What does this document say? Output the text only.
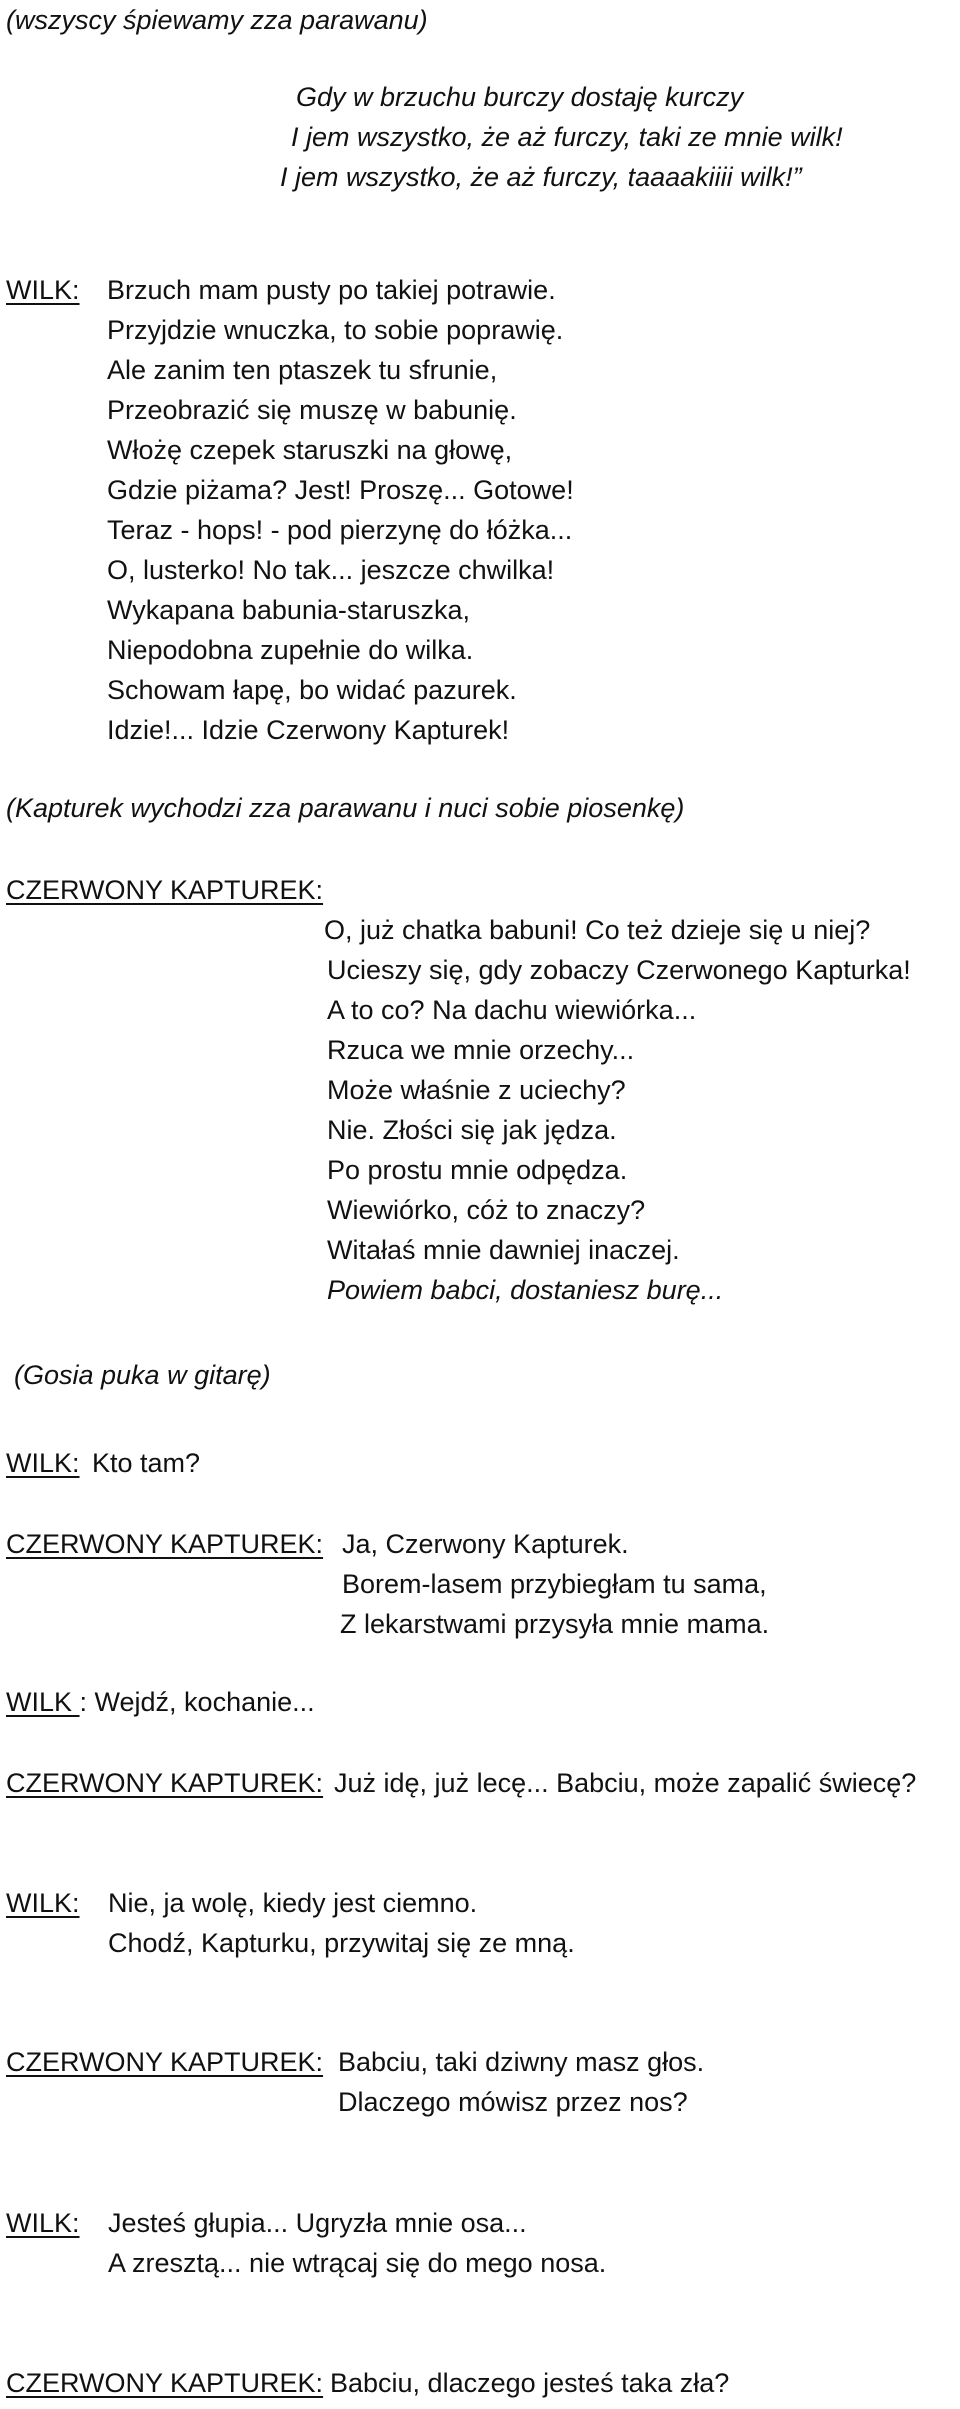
(wszyscy śpiewamy zza parawanu)
Gdy w brzuchu burczy dostaję kurczy
I jem wszystko, że aż furczy, taki ze mnie wilk!
I jem wszystko, że aż furczy, taaaakiiii wilk!”
WILK: Brzuch mam pusty po takiej potrawie.
Przyjdzie wnuczka, to sobie poprawię.
Ale zanim ten ptaszek tu sfrunie,
Przeobrazić się muszę w babunię.
Włożę czepek staruszki na głowę,
Gdzie piżama? Jest! Proszę... Gotowe!
Teraz - hops! - pod pierzynę do łóżka...
O, lusterko! No tak... jeszcze chwilka!
Wykapana babunia-staruszka,
Niepodobna zupełnie do wilka.
Schowam łapę, bo widać pazurek.
Idzie!... Idzie Czerwony Kapturek!
(Kapturek wychodzi zza parawanu i nuci sobie piosenkę)
CZERWONY KAPTUREK:
O, już chatka babuni! Co też dzieje się u niej?
Ucieszy się, gdy zobaczy Czerwonego Kapturka!
A to co? Na dachu wiewiórka...
Rzuca we mnie orzechy...
Może właśnie z uciechy?
Nie. Złości się jak jędza.
Po prostu mnie odpędza.
Wiewiórko, cóż to znaczy?
Witałaś mnie dawniej inaczej.
Powiem babci, dostaniesz burę...
(Gosia puka w gitarę)
WILK: Kto tam?
CZERWONY KAPTUREK: Ja, Czerwony Kapturek.
Borem-lasem przybiegłam tu sama,
Z lekarstwami przysyła mnie mama.
WILK : Wejdź, kochanie...
CZERWONY KAPTUREK: Już idę, już lecę... Babciu, może zapalić świecę?
WILK: Nie, ja wolę, kiedy jest ciemno.
Chodź, Kapturku, przywitaj się ze mną.
CZERWONY KAPTUREK: Babciu, taki dziwny masz głos.
Dlaczego mówisz przez nos?
WILK: Jesteś głupia... Ugryzła mnie osa...
A zresztą... nie wtrącaj się do mego nosa.
CZERWONY KAPTUREK: Babciu, dlaczego jesteś taka zła?
